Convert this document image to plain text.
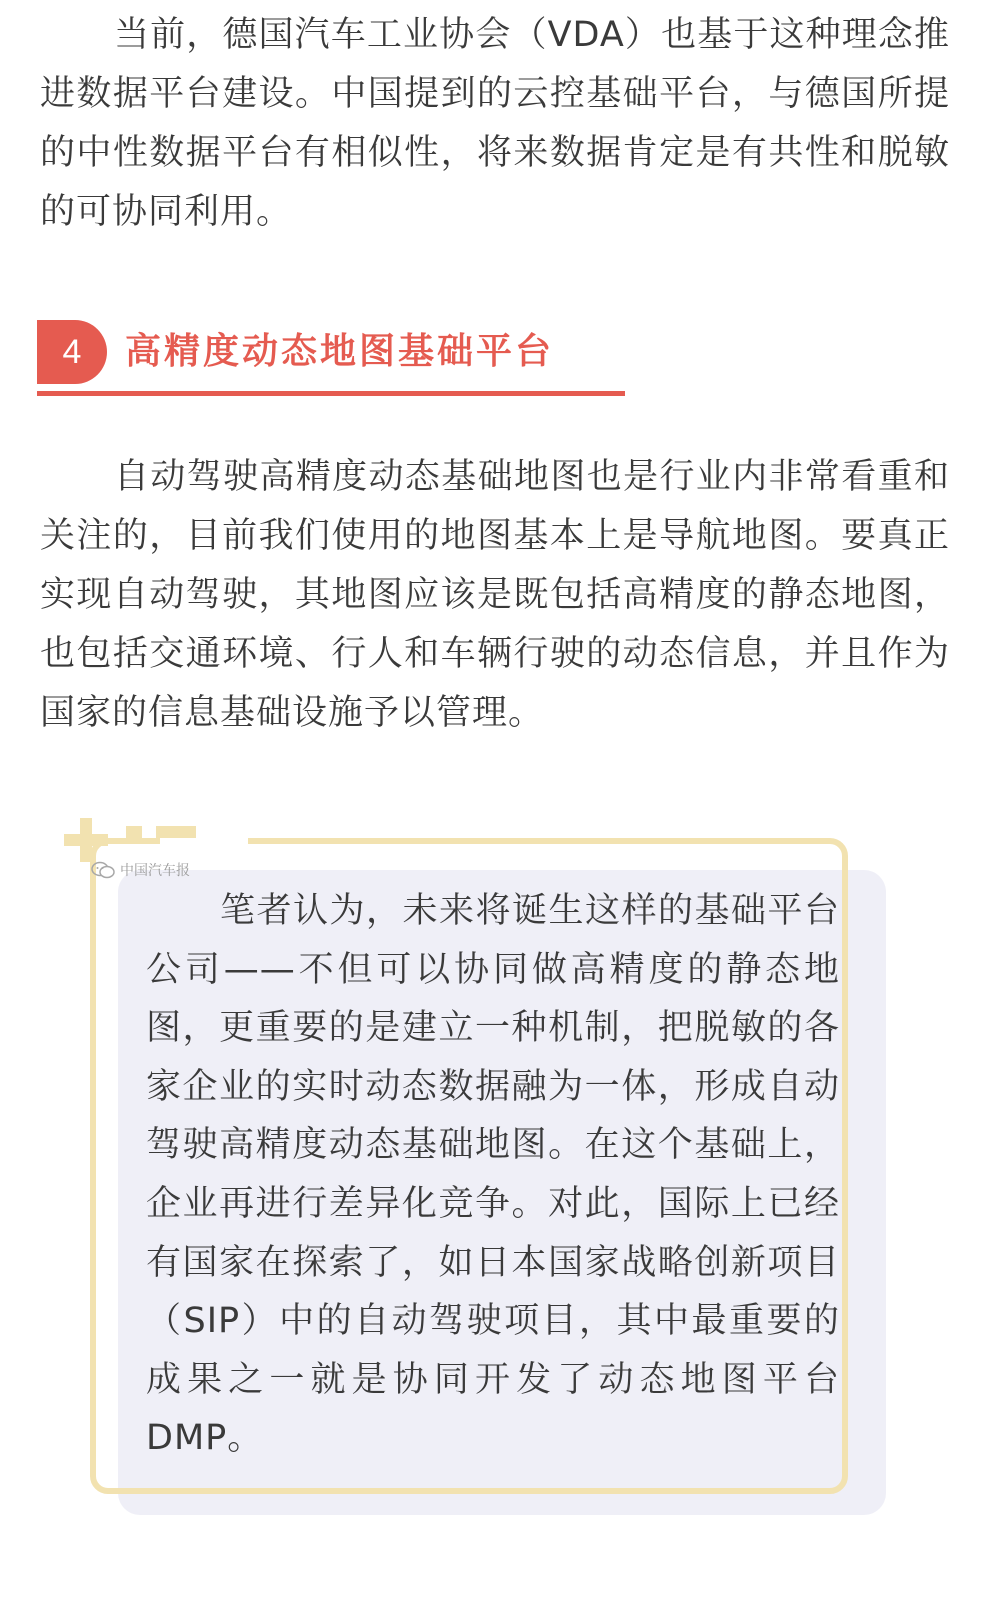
当前，德国汽车工业协会（VDA）也基于这种理念推进数据平台建设。中国提到的云控基础平台，与德国所提的中性数据平台有相似性，将来数据肯定是有共性和脱敏的可协同利用。

4	高精度动态地图基础平台

自动驾驶高精度动态基础地图也是行业内非常看重和关注的，目前我们使用的地图基本上是导航地图。要真正实现自动驾驶，其地图应该是既包括高精度的静态地图，也包括交通环境、行人和车辆行驶的动态信息，并且作为国家的信息基础设施予以管理。

中国汽车报

笔者认为，未来将诞生这样的基础平台公司——不但可以协同做高精度的静态地图，更重要的是建立一种机制，把脱敏的各家企业的实时动态数据融为一体，形成自动驾驶高精度动态基础地图。在这个基础上，企业再进行差异化竞争。对此，国际上已经有国家在探索了，如日本国家战略创新项目（SIP）中的自动驾驶项目，其中最重要的成果之一就是协同开发了动态地图平台DMP。
